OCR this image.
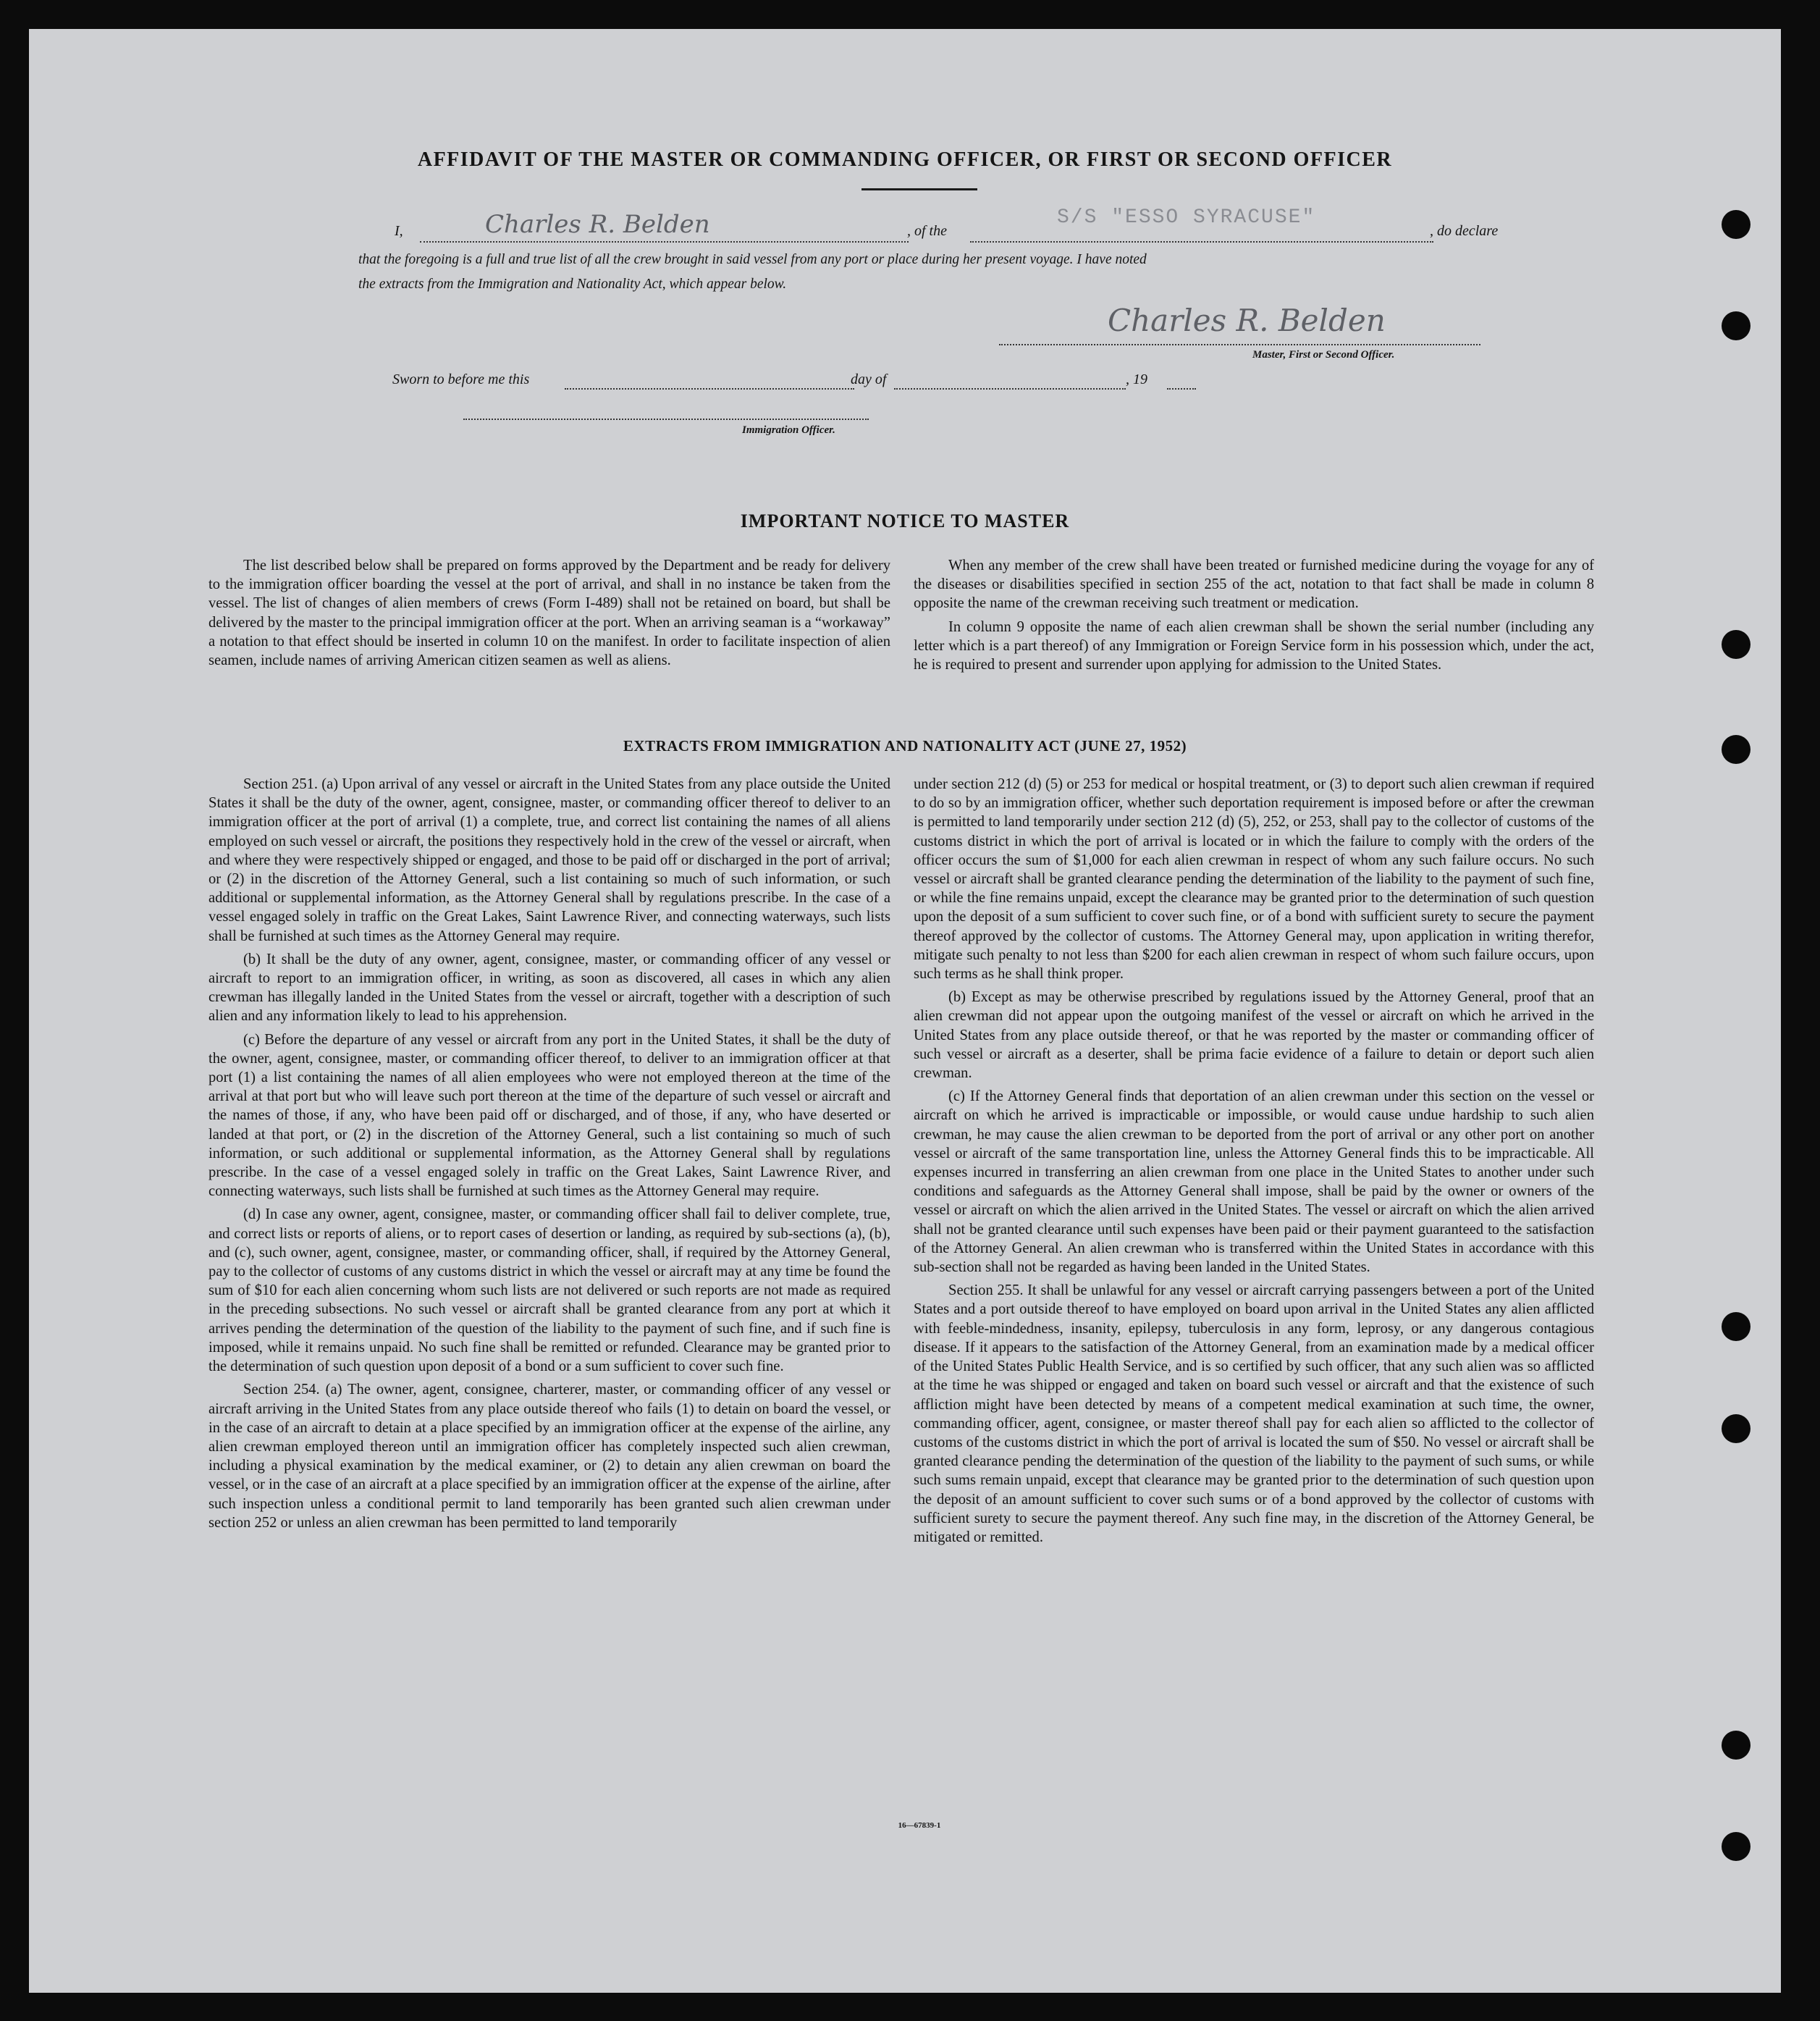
AFFIDAVIT OF THE MASTER OR COMMANDING OFFICER, OR FIRST OR SECOND OFFICER
I,	Charles R. Belden	, of the
S/S "ESSO SYRACUSE"
, do declare
that the foregoing is a full and true list of all the crew brought in said vessel from any port or place during her present voyage. I have noted
the extracts from the Immigration and Nationality Act, which appear below.
Charles R. Belden
Master, First or Second Officer.
Sworn to before me this	day of	, 19
Immigration Officer.
IMPORTANT NOTICE TO MASTER

The list described below shall be prepared on forms approved by the Department and be ready for delivery to the immigration officer boarding the vessel at the port of arrival, and shall in no instance be taken from the vessel. The list of changes of alien members of crews (Form I-489) shall not be retained on board, but shall be delivered by the master to the principal immigration officer at the port. When an arriving seaman is a “workaway” a notation to that effect should be inserted in column 10 on the manifest. In order to facilitate inspection of alien seamen, include names of arriving American citizen seamen as well as aliens.

When any member of the crew shall have been treated or furnished medicine during the voyage for any of the diseases or disabilities specified in section 255 of the act, notation to that fact shall be made in column 8 opposite the name of the crewman receiving such treatment or medication.

In column 9 opposite the name of each alien crewman shall be shown the serial number (including any letter which is a part thereof) of any Immigration or Foreign Service form in his possession which, under the act, he is required to present and surrender upon applying for admission to the United States.

EXTRACTS FROM IMMIGRATION AND NATIONALITY ACT (JUNE 27, 1952)

Section 251. (a) Upon arrival of any vessel or aircraft in the United States from any place outside the United States it shall be the duty of the owner, agent, consignee, master, or commanding officer thereof to deliver to an immigration officer at the port of arrival (1) a complete, true, and correct list containing the names of all aliens employed on such vessel or aircraft, the positions they respectively hold in the crew of the vessel or aircraft, when and where they were respectively shipped or engaged, and those to be paid off or discharged in the port of arrival; or (2) in the discretion of the Attorney General, such a list containing so much of such information, or such additional or supplemental information, as the Attorney General shall by regulations prescribe. In the case of a vessel engaged solely in traffic on the Great Lakes, Saint Lawrence River, and connecting waterways, such lists shall be furnished at such times as the Attorney General may require.

(b) It shall be the duty of any owner, agent, consignee, master, or commanding officer of any vessel or aircraft to report to an immigration officer, in writing, as soon as discovered, all cases in which any alien crewman has illegally landed in the United States from the vessel or aircraft, together with a description of such alien and any information likely to lead to his apprehension.

(c) Before the departure of any vessel or aircraft from any port in the United States, it shall be the duty of the owner, agent, consignee, master, or commanding officer thereof, to deliver to an immigration officer at that port (1) a list containing the names of all alien employees who were not employed thereon at the time of the arrival at that port but who will leave such port thereon at the time of the departure of such vessel or aircraft and the names of those, if any, who have been paid off or discharged, and of those, if any, who have deserted or landed at that port, or (2) in the discretion of the Attorney General, such a list containing so much of such information, or such additional or supplemental information, as the Attorney General shall by regulations prescribe. In the case of a vessel engaged solely in traffic on the Great Lakes, Saint Lawrence River, and connecting waterways, such lists shall be furnished at such times as the Attorney General may require.

(d) In case any owner, agent, consignee, master, or commanding officer shall fail to deliver complete, true, and correct lists or reports of aliens, or to report cases of desertion or landing, as required by sub-sections (a), (b), and (c), such owner, agent, consignee, master, or commanding officer, shall, if required by the Attorney General, pay to the collector of customs of any customs district in which the vessel or aircraft may at any time be found the sum of $10 for each alien concerning whom such lists are not delivered or such reports are not made as required in the preceding subsections. No such vessel or aircraft shall be granted clearance from any port at which it arrives pending the determination of the question of the liability to the payment of such fine, and if such fine is imposed, while it remains unpaid. No such fine shall be remitted or refunded. Clearance may be granted prior to the determination of such question upon deposit of a bond or a sum sufficient to cover such fine.

Section 254. (a) The owner, agent, consignee, charterer, master, or commanding officer of any vessel or aircraft arriving in the United States from any place outside thereof who fails (1) to detain on board the vessel, or in the case of an aircraft to detain at a place specified by an immigration officer at the expense of the airline, any alien crewman employed thereon until an immigration officer has completely inspected such alien crewman, including a physical examination by the medical examiner, or (2) to detain any alien crewman on board the vessel, or in the case of an aircraft at a place specified by an immigration officer at the expense of the airline, after such inspection unless a conditional permit to land temporarily has been granted such alien crewman under section 252 or unless an alien crewman has been permitted to land temporarily

under section 212 (d) (5) or 253 for medical or hospital treatment, or (3) to deport such alien crewman if required to do so by an immigration officer, whether such deportation requirement is imposed before or after the crewman is permitted to land temporarily under section 212 (d) (5), 252, or 253, shall pay to the collector of customs of the customs district in which the port of arrival is located or in which the failure to comply with the orders of the officer occurs the sum of $1,000 for each alien crewman in respect of whom any such failure occurs. No such vessel or aircraft shall be granted clearance pending the determination of the liability to the payment of such fine, or while the fine remains unpaid, except the clearance may be granted prior to the determination of such question upon the deposit of a sum sufficient to cover such fine, or of a bond with sufficient surety to secure the payment thereof approved by the collector of customs. The Attorney General may, upon application in writing therefor, mitigate such penalty to not less than $200 for each alien crewman in respect of whom such failure occurs, upon such terms as he shall think proper.

(b) Except as may be otherwise prescribed by regulations issued by the Attorney General, proof that an alien crewman did not appear upon the outgoing manifest of the vessel or aircraft on which he arrived in the United States from any place outside thereof, or that he was reported by the master or commanding officer of such vessel or aircraft as a deserter, shall be prima facie evidence of a failure to detain or deport such alien crewman.

(c) If the Attorney General finds that deportation of an alien crewman under this section on the vessel or aircraft on which he arrived is impracticable or impossible, or would cause undue hardship to such alien crewman, he may cause the alien crewman to be deported from the port of arrival or any other port on another vessel or aircraft of the same transportation line, unless the Attorney General finds this to be impracticable. All expenses incurred in transferring an alien crewman from one place in the United States to another under such conditions and safeguards as the Attorney General shall impose, shall be paid by the owner or owners of the vessel or aircraft on which the alien arrived in the United States. The vessel or aircraft on which the alien arrived shall not be granted clearance until such expenses have been paid or their payment guaranteed to the satisfaction of the Attorney General. An alien crewman who is transferred within the United States in accordance with this sub-section shall not be regarded as having been landed in the United States.

Section 255. It shall be unlawful for any vessel or aircraft carrying passengers between a port of the United States and a port outside thereof to have employed on board upon arrival in the United States any alien afflicted with feeble-mindedness, insanity, epilepsy, tuberculosis in any form, leprosy, or any dangerous contagious disease. If it appears to the satisfaction of the Attorney General, from an examination made by a medical officer of the United States Public Health Service, and is so certified by such officer, that any such alien was so afflicted at the time he was shipped or engaged and taken on board such vessel or aircraft and that the existence of such affliction might have been detected by means of a competent medical examination at such time, the owner, commanding officer, agent, consignee, or master thereof shall pay for each alien so afflicted to the collector of customs of the customs district in which the port of arrival is located the sum of $50. No vessel or aircraft shall be granted clearance pending the determination of the question of the liability to the payment of such sums, or while such sums remain unpaid, except that clearance may be granted prior to the determination of such question upon the deposit of an amount sufficient to cover such sums or of a bond approved by the collector of customs with sufficient surety to secure the payment thereof. Any such fine may, in the discretion of the Attorney General, be mitigated or remitted.

16—67839-1
